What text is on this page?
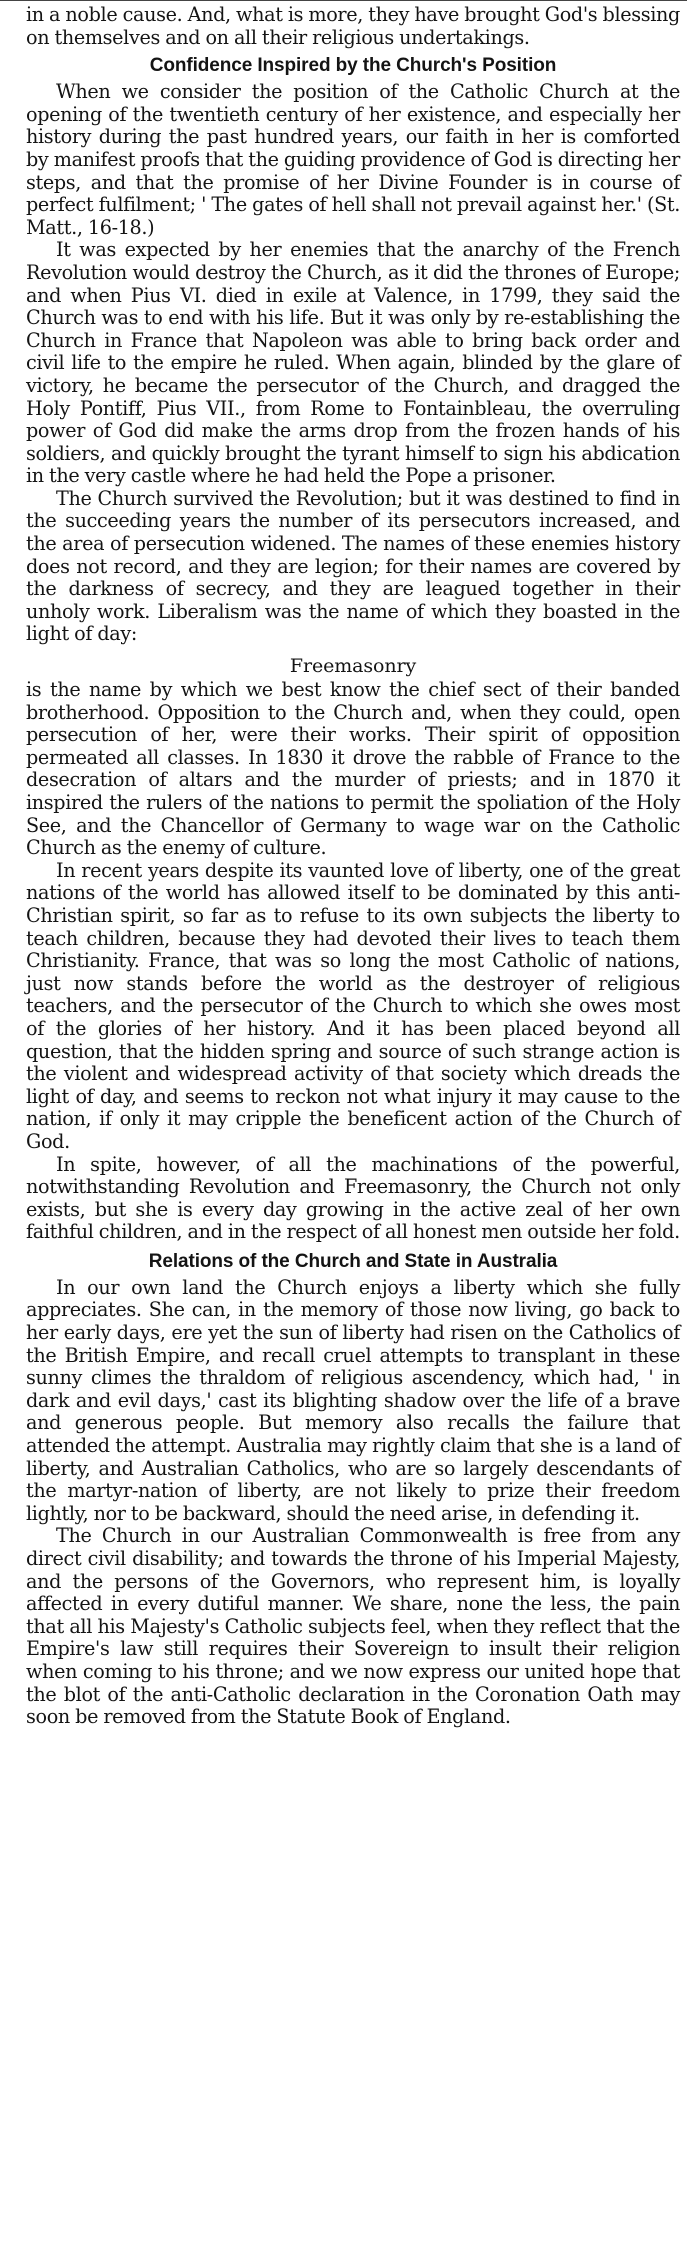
in a noble cause. And, what is more, they have brought God's blessing on themselves and on all their religious undertakings.

Confidence Inspired by the Church's Position

When we consider the position of the Catholic Church at the opening of the twentieth century of her existence, and especially her history during the past hundred years, our faith in her is comforted by manifest proofs that the guiding providence of God is directing her steps, and that the promise of her Divine Founder is in course of perfect fulfilment; ' The gates of hell shall not prevail against her.' (St. Matt., 16-18.)

It was expected by her enemies that the anarchy of the French Revolution would destroy the Church, as it did the thrones of Europe; and when Pius VI. died in exile at Valence, in 1799, they said the Church was to end with his life. But it was only by re-establishing the Church in France that Napoleon was able to bring back order and civil life to the empire he ruled. When again, blinded by the glare of victory, he became the persecutor of the Church, and dragged the Holy Pontiff, Pius VII., from Rome to Fontainbleau, the overruling power of God did make the arms drop from the frozen hands of his soldiers, and quickly brought the tyrant himself to sign his abdication in the very castle where he had held the Pope a prisoner.

The Church survived the Revolution; but it was destined to find in the succeeding years the number of its persecutors increased, and the area of persecution widened. The names of these enemies history does not record, and they are legion; for their names are covered by the darkness of secrecy, and they are leagued together in their unholy work. Liberalism was the name of which they boasted in the light of day:

Freemasonry

is the name by which we best know the chief sect of their banded brotherhood. Opposition to the Church and, when they could, open persecution of her, were their works. Their spirit of opposition permeated all classes. In 1830 it drove the rabble of France to the desecration of altars and the murder of priests; and in 1870 it inspired the rulers of the nations to permit the spoliation of the Holy See, and the Chancellor of Germany to wage war on the Catholic Church as the enemy of culture.

In recent years despite its vaunted love of liberty, one of the great nations of the world has allowed itself to be dominated by this anti-Christian spirit, so far as to refuse to its own subjects the liberty to teach children, because they had devoted their lives to teach them Christianity. France, that was so long the most Catholic of nations, just now stands before the world as the destroyer of religious teachers, and the persecutor of the Church to which she owes most of the glories of her history. And it has been placed beyond all question, that the hidden spring and source of such strange action is the violent and widespread activity of that society which dreads the light of day, and seems to reckon not what injury it may cause to the nation, if only it may cripple the beneficent action of the Church of God.

In spite, however, of all the machinations of the powerful, notwithstanding Revolution and Freemasonry, the Church not only exists, but she is every day growing in the active zeal of her own faithful children, and in the respect of all honest men outside her fold.

Relations of the Church and State in Australia

In our own land the Church enjoys a liberty which she fully appreciates. She can, in the memory of those now living, go back to her early days, ere yet the sun of liberty had risen on the Catholics of the British Empire, and recall cruel attempts to transplant in these sunny climes the thraldom of religious ascendency, which had, ' in dark and evil days,' cast its blighting shadow over the life of a brave and generous people. But memory also recalls the failure that attended the attempt. Australia may rightly claim that she is a land of liberty, and Australian Catholics, who are so largely descendants of the martyr-nation of liberty, are not likely to prize their freedom lightly, nor to be backward, should the need arise, in defending it.

The Church in our Australian Commonwealth is free from any direct civil disability; and towards the throne of his Imperial Majesty, and the persons of the Governors, who represent him, is loyally affected in every dutiful manner. We share, none the less, the pain that all his Majesty's Catholic subjects feel, when they reflect that the Empire's law still requires their Sovereign to insult their religion when coming to his throne; and we now express our united hope that the blot of the anti-Catholic declaration in the Coronation Oath may soon be removed from the Statute Book of England.
